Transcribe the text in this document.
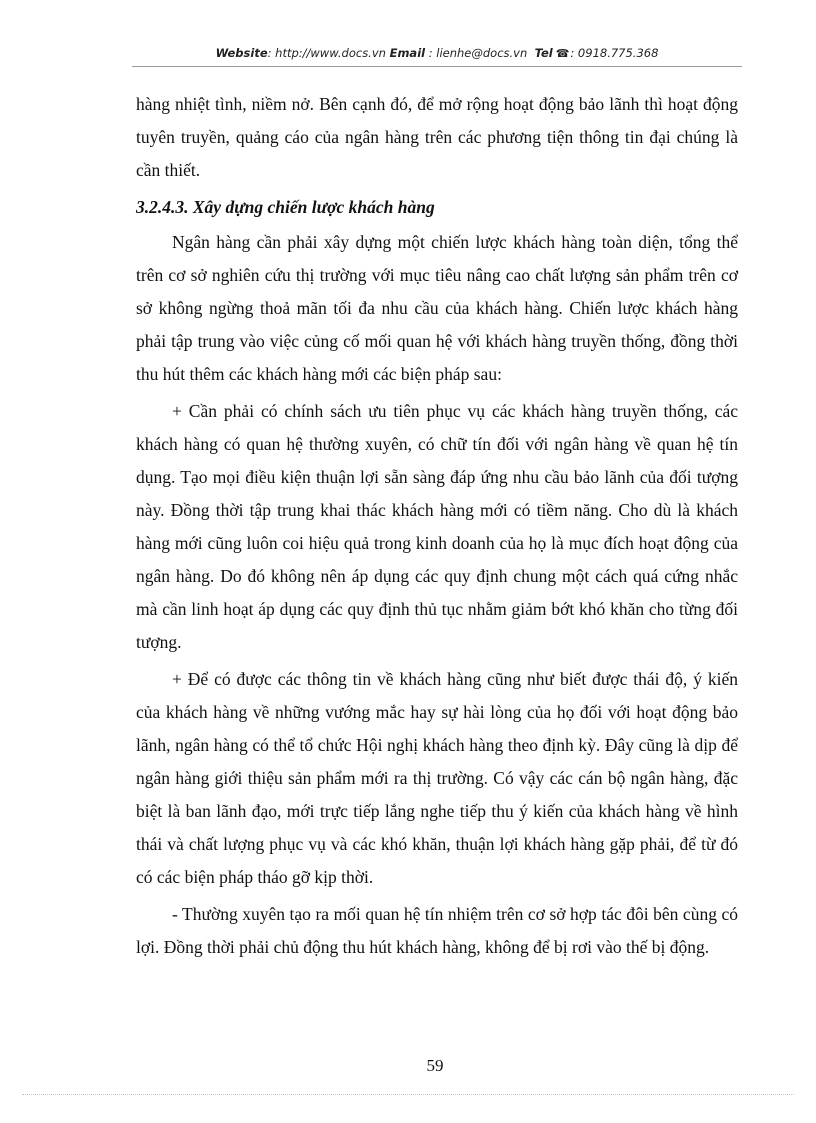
Website: http://www.docs.vn Email : lienhe@docs.vn Tel ☎: 0918.775.368

hàng nhiệt tình, niềm nở. Bên cạnh đó, để mở rộng hoạt động bảo lãnh thì hoạt động tuyên truyền, quảng cáo của ngân hàng trên các phương tiện thông tin đại chúng là cần thiết.

3.2.4.3. Xây dựng chiến lược khách hàng

Ngân hàng cần phải xây dựng một chiến lược khách hàng toàn diện, tổng thể trên cơ sở nghiên cứu thị trường với mục tiêu nâng cao chất lượng sản phẩm trên cơ sở không ngừng thoả mãn tối đa nhu cầu của khách hàng. Chiến lược khách hàng phải tập trung vào việc củng cố mối quan hệ với khách hàng truyền thống, đồng thời thu hút thêm các khách hàng mới các biện pháp sau:

+ Cần phải có chính sách ưu tiên phục vụ các khách hàng truyền thống, các khách hàng có quan hệ thường xuyên, có chữ tín đối với ngân hàng về quan hệ tín dụng. Tạo mọi điều kiện thuận lợi sẵn sàng đáp ứng nhu cầu bảo lãnh của đối tượng này. Đồng thời tập trung khai thác khách hàng mới có tiềm năng. Cho dù là khách hàng mới cũng luôn coi hiệu quả trong kinh doanh của họ là mục đích hoạt động của ngân hàng. Do đó không nên áp dụng các quy định chung một cách quá cứng nhắc mà cần linh hoạt áp dụng các quy định thủ tục nhằm giảm bớt khó khăn cho từng đối tượng.

+ Để có được các thông tin về khách hàng cũng như biết được thái độ, ý kiến của khách hàng về những vướng mắc hay sự hài lòng của họ đối với hoạt động bảo lãnh, ngân hàng có thể tổ chức Hội nghị khách hàng theo định kỳ. Đây cũng là dịp để ngân hàng giới thiệu sản phẩm mới ra thị trường. Có vậy các cán bộ ngân hàng, đặc biệt là ban lãnh đạo, mới trực tiếp lắng nghe tiếp thu ý kiến của khách hàng về hình thái và chất lượng phục vụ và các khó khăn, thuận lợi khách hàng gặp phải, để từ đó có các biện pháp tháo gỡ kịp thời.

- Thường xuyên tạo ra mối quan hệ tín nhiệm trên cơ sở hợp tác đôi bên cùng có lợi. Đồng thời phải chủ động thu hút khách hàng, không để bị rơi vào thế bị động.

59
